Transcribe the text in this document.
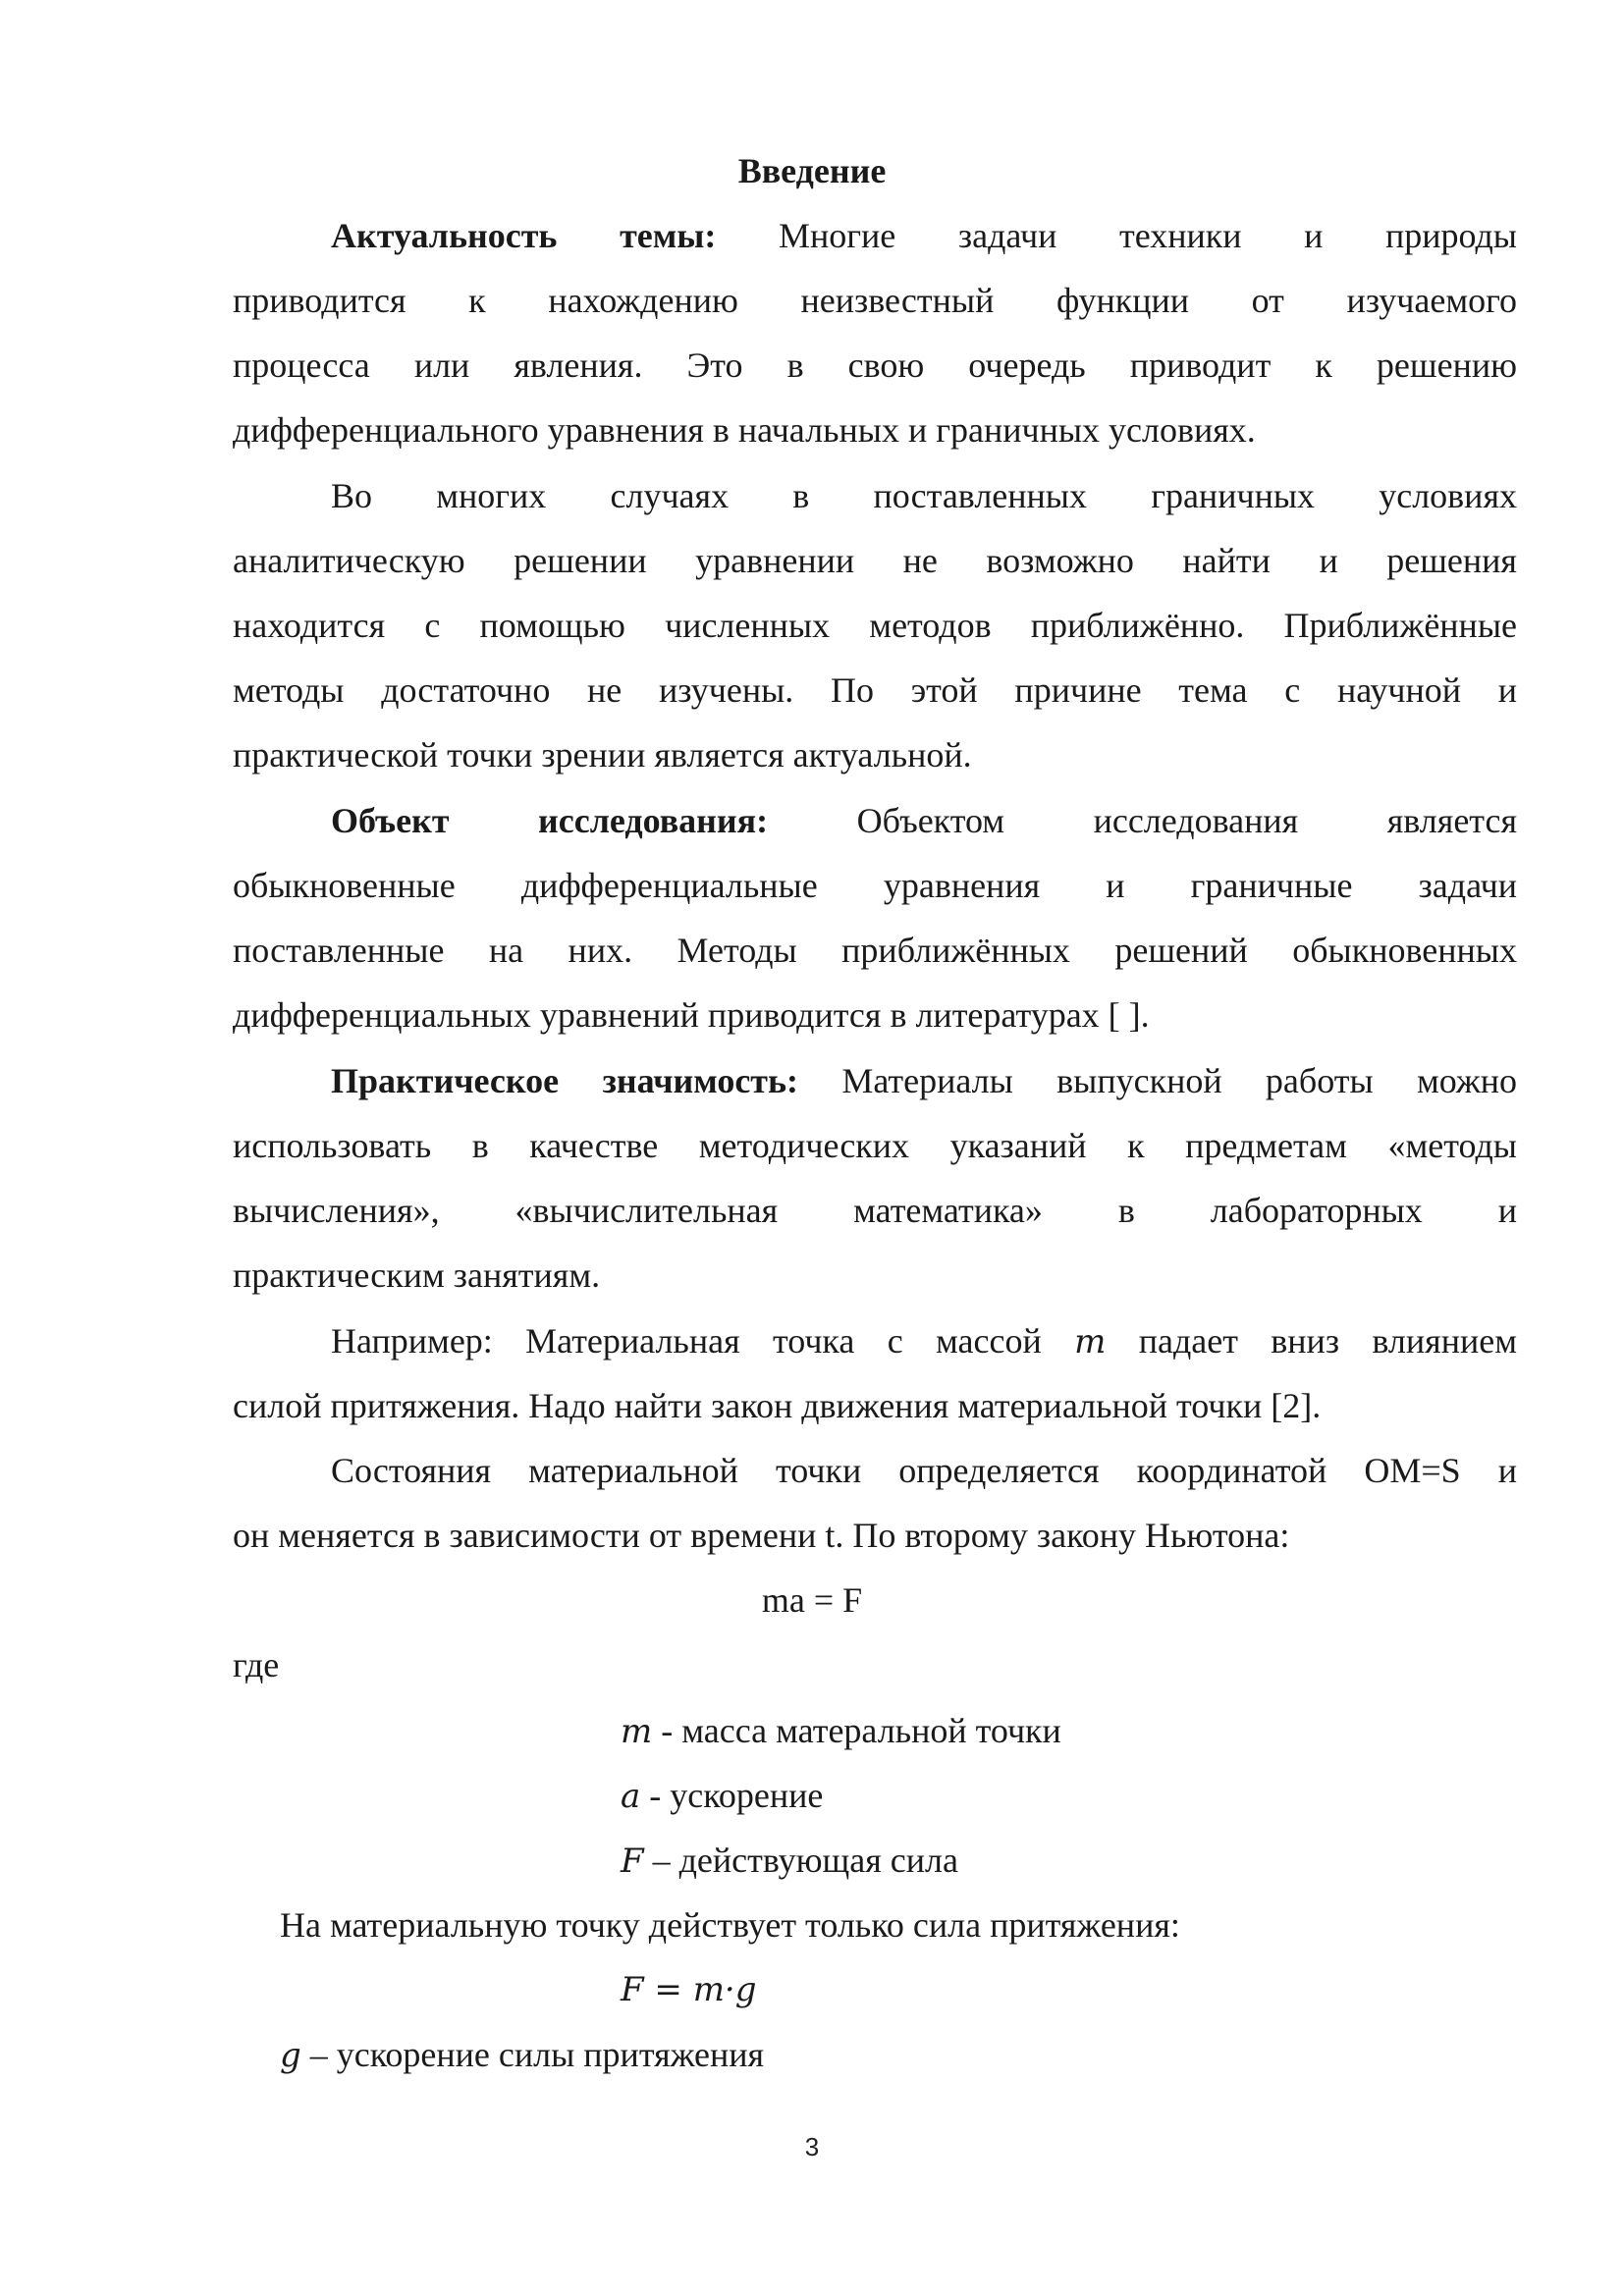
Введение
Актуальность темы: Многие задачи техники и природы
приводится к нахождению неизвестный функции от изучаемого
процесса или явления. Это в свою очередь приводит к решению
дифференциального уравнения в начальных и граничных условиях.
Во многих случаях в поставленных граничных условиях
аналитическую решении уравнении не возможно найти и решения
находится с помощью численных методов приближённо. Приближённые
методы достаточно не изучены. По этой причине тема с научной и
практической точки зрении является актуальной.
Объект исследования:	Объектом исследования является
обыкновенные дифференциальные уравнения и граничные задачи
поставленные на них. Методы приближённых решений обыкновенных
дифференциальных уравнений приводится в литературах [ ].
Практическое значимость: Материалы выпускной работы можно
использовать в качестве методических указаний к предметам «методы
вычисления», «вычислительная математика» в лабораторных и
практическим занятиям.
Например: Материальная точка с массой m падает вниз влиянием
силой притяжения. Надо найти закон движения материальной точки [2].
Состояния материальной точки определяется координатой OM=S и
он меняется в зависимости от времени t. По второму закону Ньютона:
ma = F
где
m - масса матеральной точки
a - ускорение
F – действующая сила
На материальную точку действует только сила притяжения:
F = m·g
g – ускорение силы притяжения
3
